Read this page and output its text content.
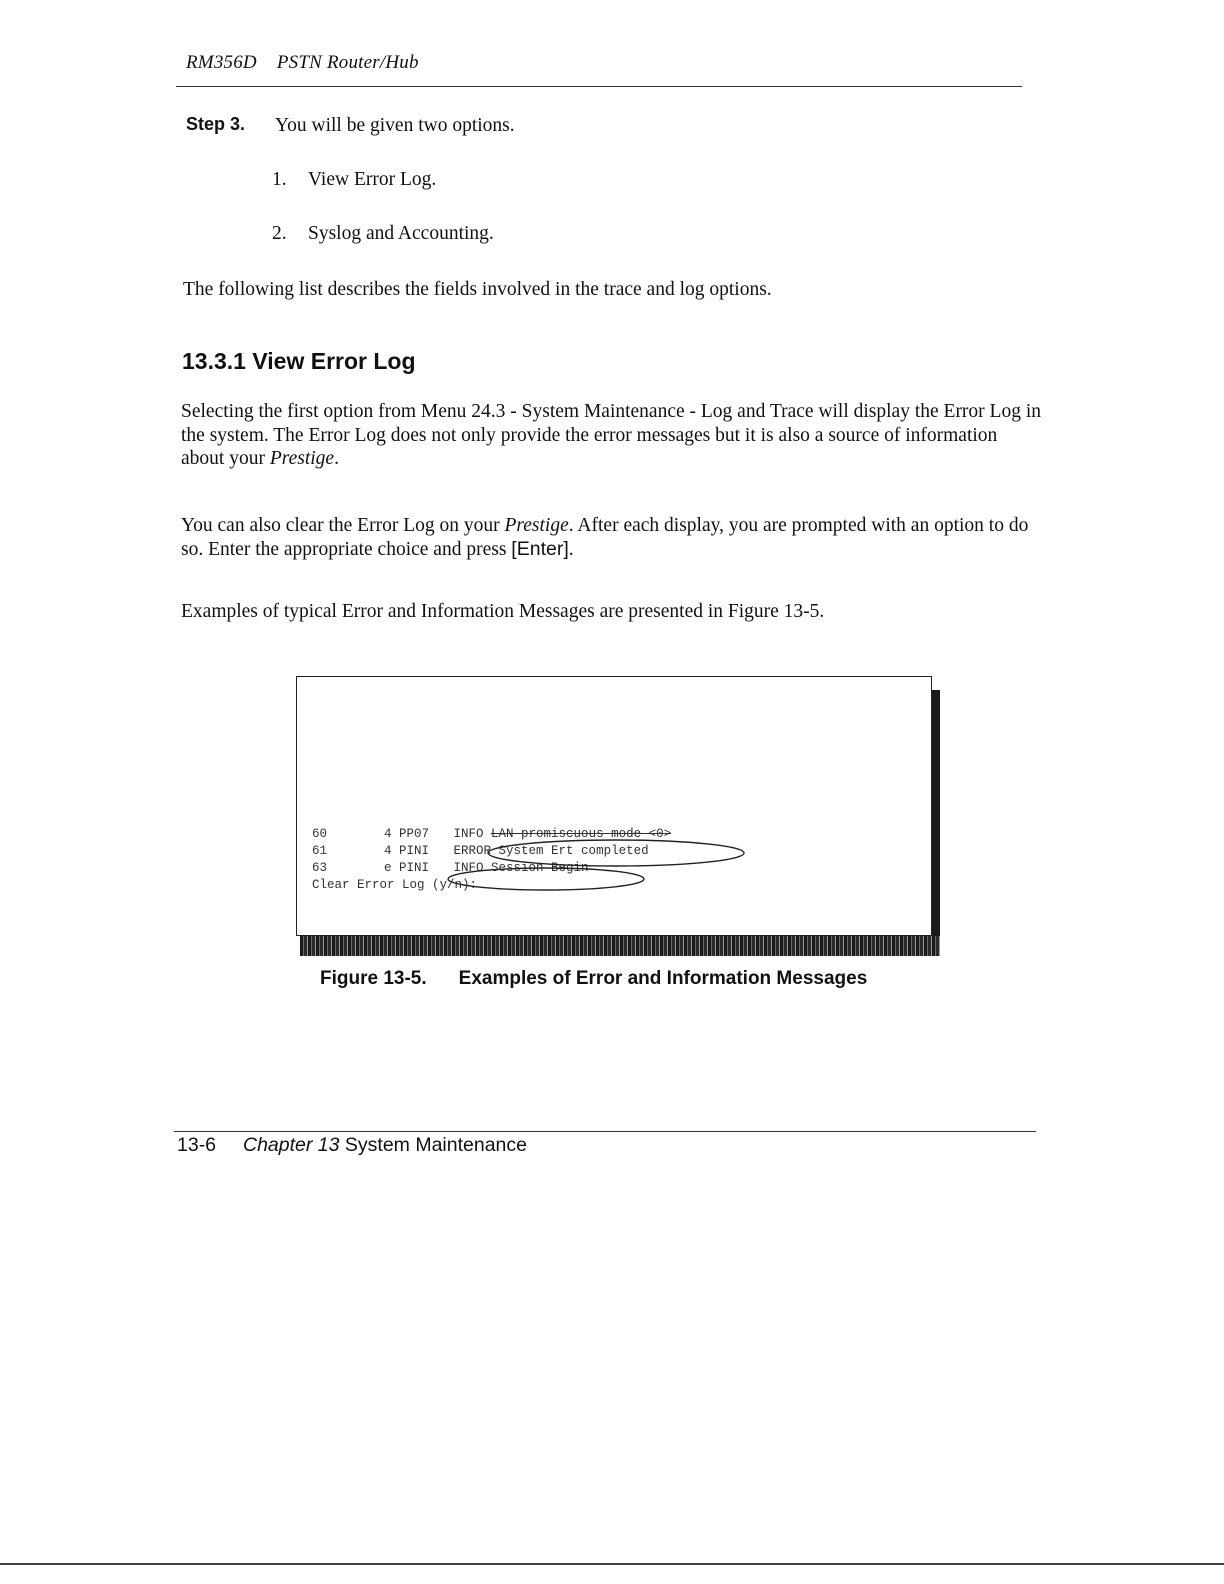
RM356D PSTN Router/Hub
Step 3. You will be given two options.
1. View Error Log.
2. Syslog and Accounting.
The following list describes the fields involved in the trace and log options.
13.3.1 View Error Log

Selecting the first option from Menu 24.3 - System Maintenance - Log and Trace will display the Error Log in the system. The Error Log does not only provide the error messages but it is also a source of information about your Prestige.

You can also clear the Error Log on your Prestige. After each display, you are prompted with an option to do so. Enter the appropriate choice and press [Enter].

Examples of typical Error and Information Messages are presented in Figure 13-5.
60	4 PP07 INFO LAN promiscuous mode <0>
61	4 PINI ERROR System Ert completed
63	e PINI INFO Session Begin
Clear Error Log (y/n):
Figure 13-5. Examples of Error and Information Messages
13-6 Chapter 13 System Maintenance
